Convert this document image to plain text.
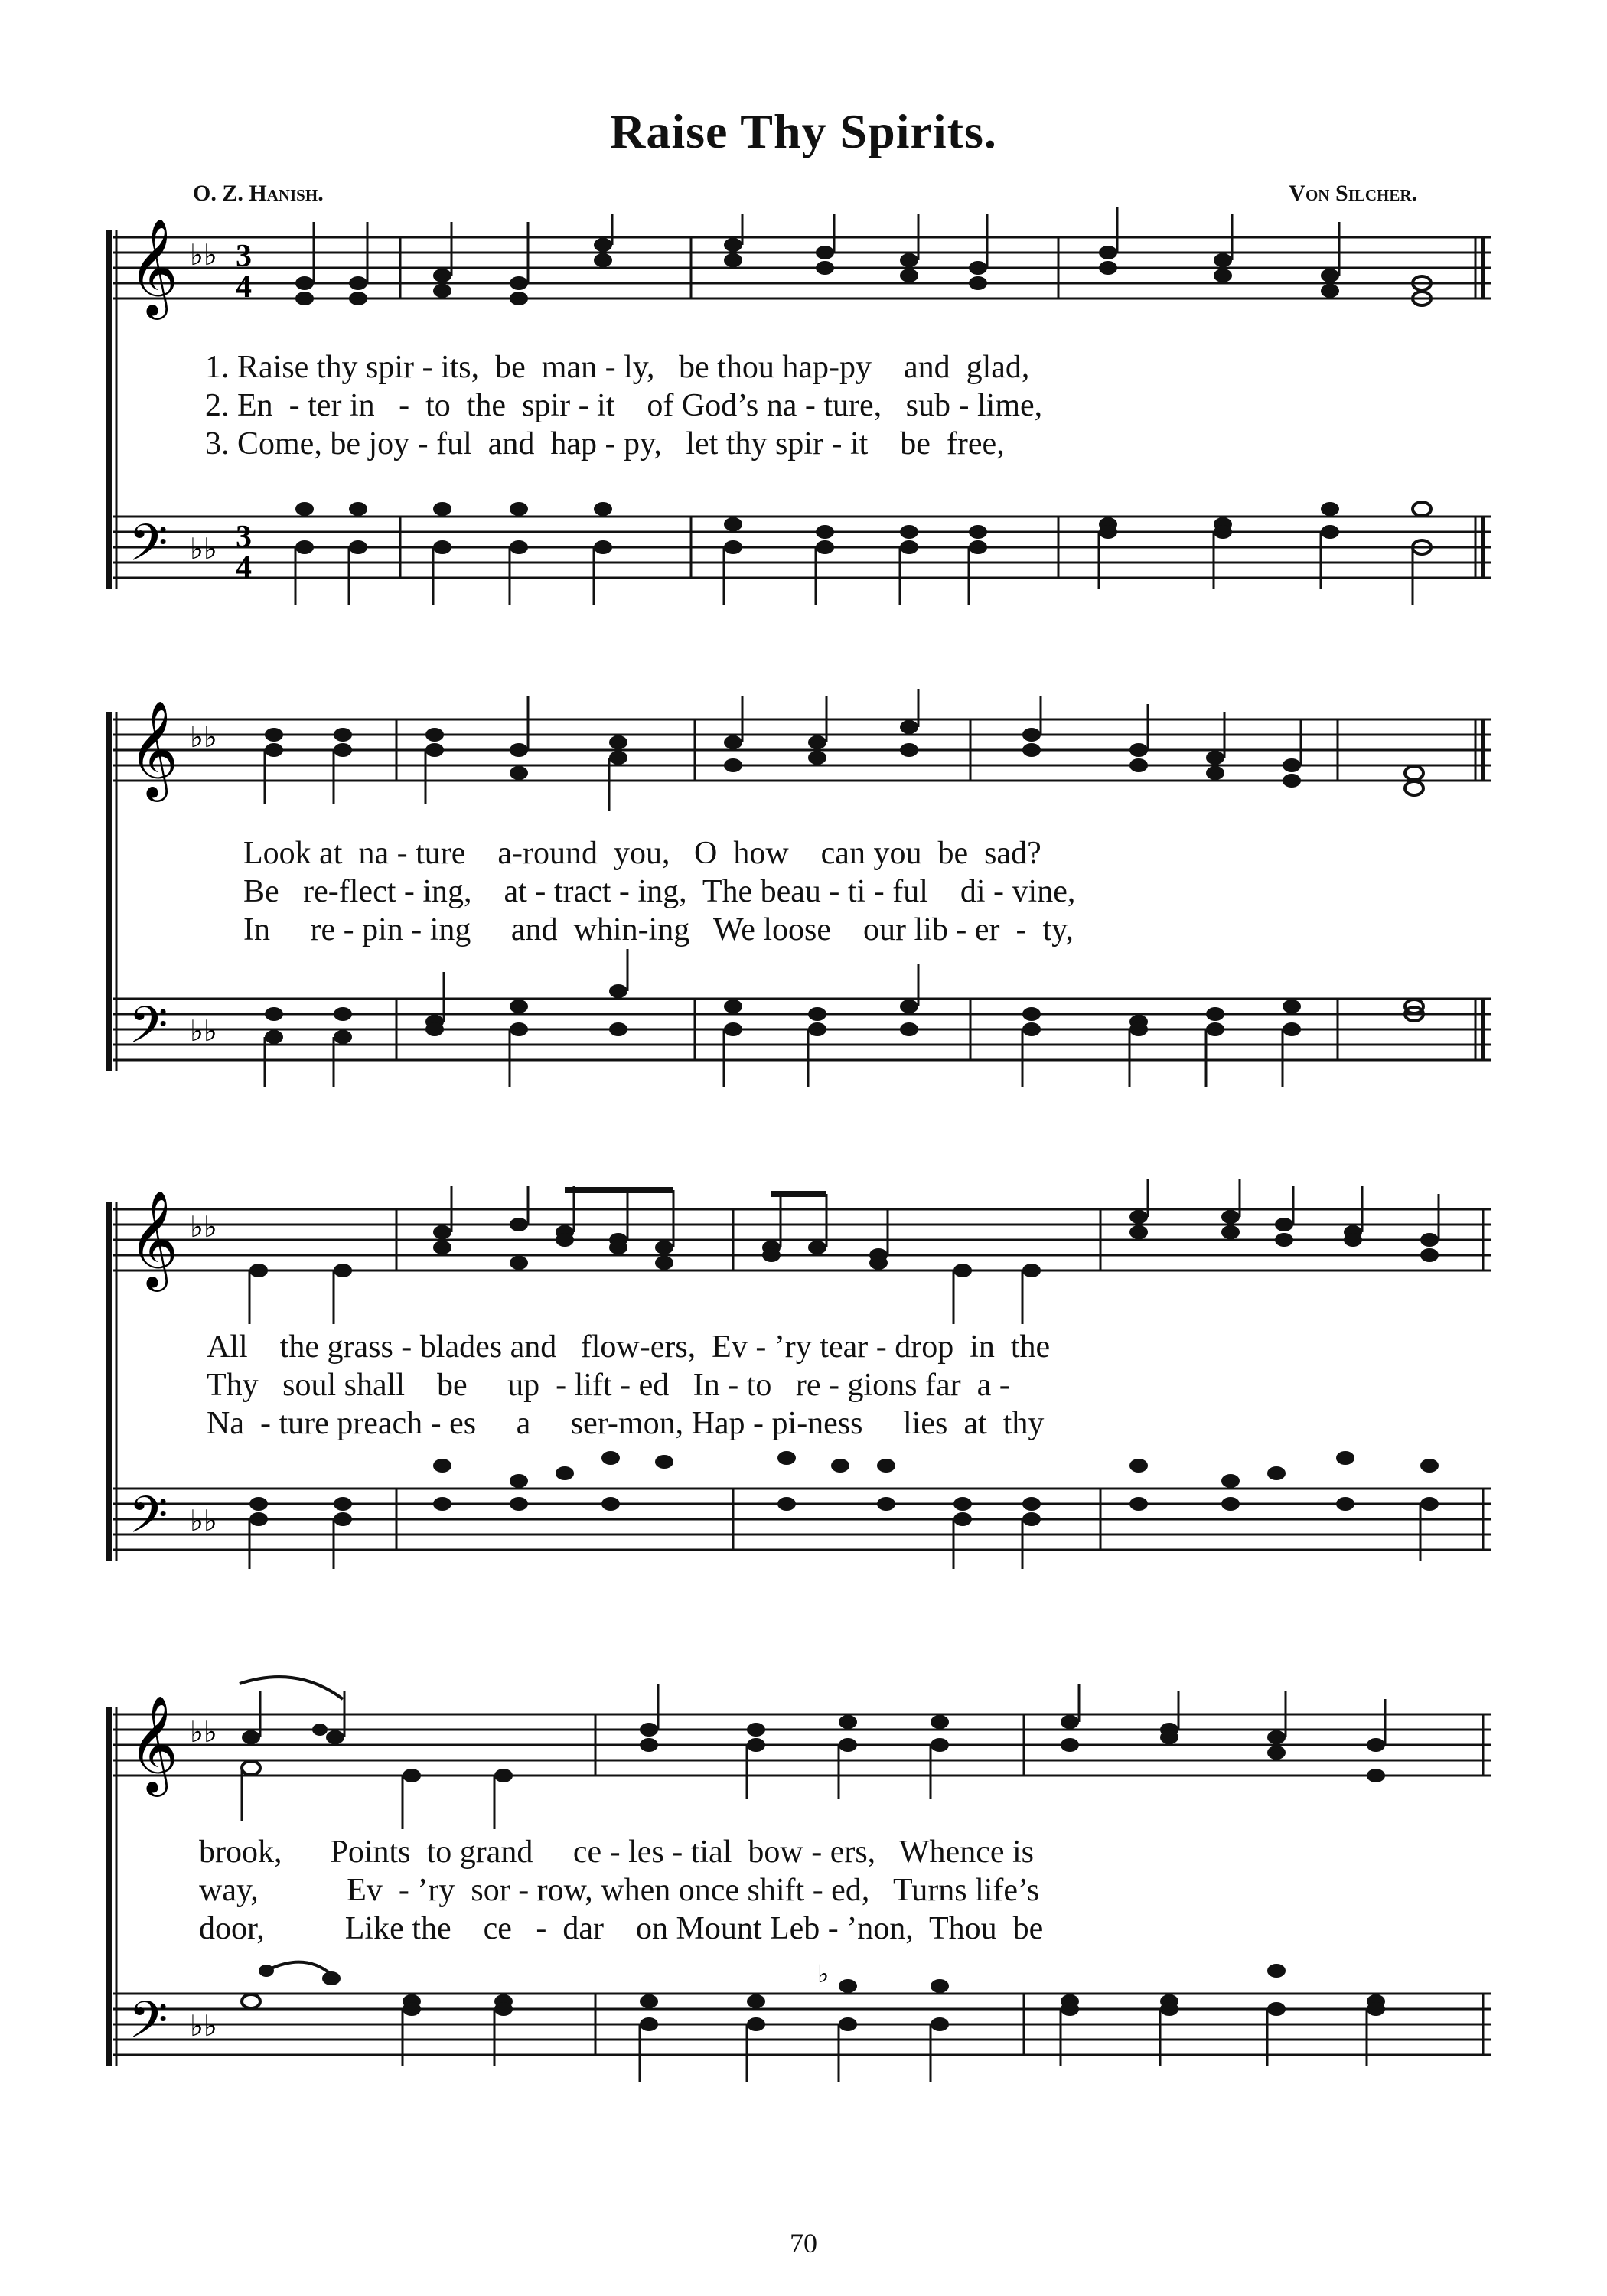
Raise Thy Spirits.
O. Z. Hanish.	Von Silcher.
𝄞
𝄢
♭♭
♭♭
3
4
3
4
1. Raise thy spir - its,  be  man - ly,   be thou hap-py    and  glad,
2. En  - ter in   -  to  the  spir - it    of God’s na - ture,   sub - lime,
3. Come, be joy - ful  and  hap - py,   let thy spir - it    be  free,
𝄞
𝄢
♭♭
♭♭
Look at  na - ture    a-round  you,   O  how    can you  be  sad?
Be   re-flect - ing,    at - tract - ing,  The beau - ti - ful    di - vine,
In     re - pin - ing     and  whin-ing   We loose    our lib - er  -  ty,
𝄞
𝄢
♭♭
♭♭
All    the grass - blades and   flow-ers,  Ev - ’ry tear - drop  in  the
Thy   soul shall    be     up  - lift - ed   In - to   re - gions far  a -
Na  - ture preach - es     a     ser-mon, Hap - pi-ness     lies  at  thy
𝄞
𝄢
♭♭
♭♭
♭
brook,      Points  to grand     ce - les - tial  bow - ers,   Whence is
way,           Ev  - ’ry  sor - row, when once shift - ed,   Turns life’s
door,          Like the    ce   -  dar    on Mount Leb - ’non,  Thou  be
70
